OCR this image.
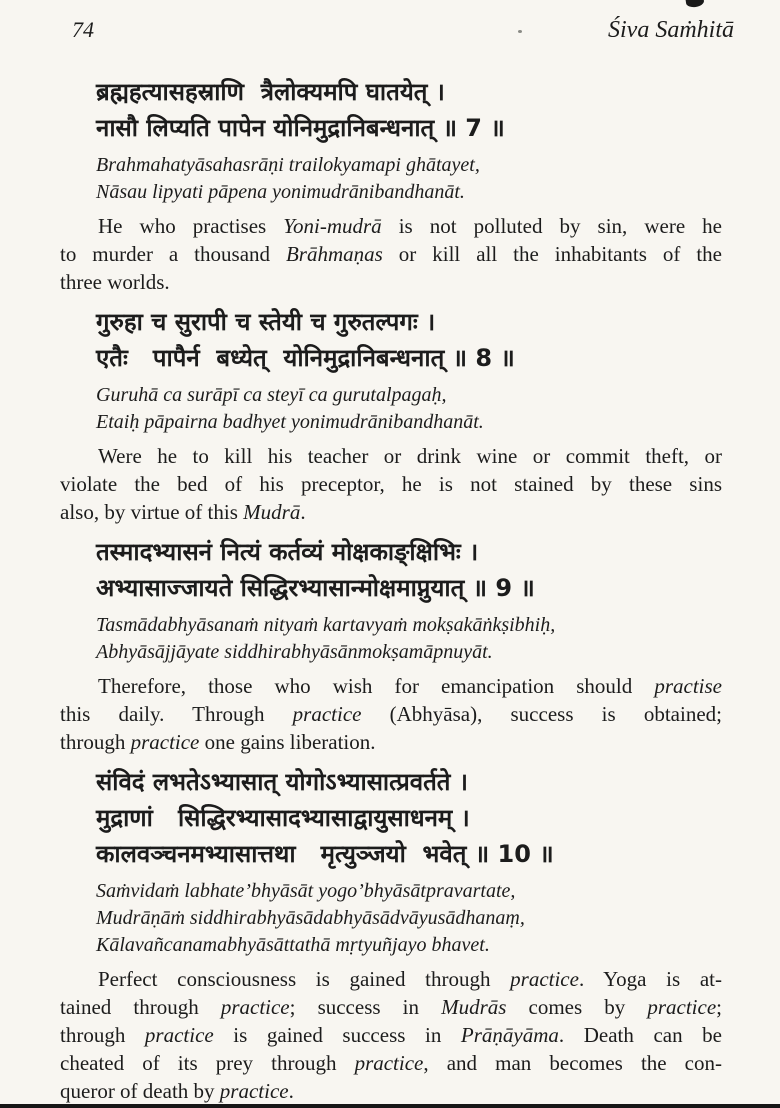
74	Śiva Saṁhitā
ब्रह्महत्यासहस्राणि  त्रैलोक्यमपि घातयेत् ।
नासौ लिप्यति पापेन योनिमुद्रानिबन्धनात् ॥ 7 ॥
Brahmahatyāsahasrāṇi trailokyamapi ghātayet,
Nāsau lipyati pāpena yonimudrānibandhanāt.
He who practises Yoni-mudrā is not polluted by sin, were he
to murder a thousand Brāhmaṇas or kill all the inhabitants of the
three worlds.
गुरुहा च सुरापी च स्तेयी च गुरुतल्पगः ।
एतैः   पापैर्न  बध्येत्  योनिमुद्रानिबन्धनात् ॥ 8 ॥
Guruhā ca surāpī ca steyī ca gurutalpagaḥ,
Etaiḥ pāpairna badhyet yonimudrānibandhanāt.
Were he to kill his teacher or drink wine or commit theft, or
violate the bed of his preceptor, he is not stained by these sins
also, by virtue of this Mudrā.
तस्मादभ्यासनं नित्यं कर्तव्यं मोक्षकाङ्क्षिभिः ।
अभ्यासाज्जायते सिद्धिरभ्यासान्मोक्षमाप्नुयात् ॥ 9 ॥
Tasmādabhyāsanaṁ nityaṁ kartavyaṁ mokṣakāṅkṣibhiḥ,
Abhyāsājjāyate siddhirabhyāsānmokṣamāpnuyāt.
Therefore, those who wish for emancipation should practise
this daily. Through practice (Abhyāsa), success is obtained;
through practice one gains liberation.
संविदं लभतेऽभ्यासात् योगोऽभ्यासात्प्रवर्तते ।
मुद्राणां   सिद्धिरभ्यासादभ्यासाद्वायुसाधनम् ।
कालवञ्चनमभ्यासात्तथा   मृत्युञ्जयो  भवेत् ॥ 10 ॥
Saṁvidaṁ labhate’bhyāsāt yogo’bhyāsātpravartate,
Mudrāṇāṁ siddhirabhyāsādabhyāsādvāyusādhanaṃ,
Kālavañcanamabhyāsāttathā mṛtyuñjayo bhavet.
Perfect consciousness is gained through practice. Yoga is at-
tained through practice; success in Mudrās comes by practice;
through practice is gained success in Prāṇāyāma. Death can be
cheated of its prey through practice, and man becomes the con-
queror of death by practice.
